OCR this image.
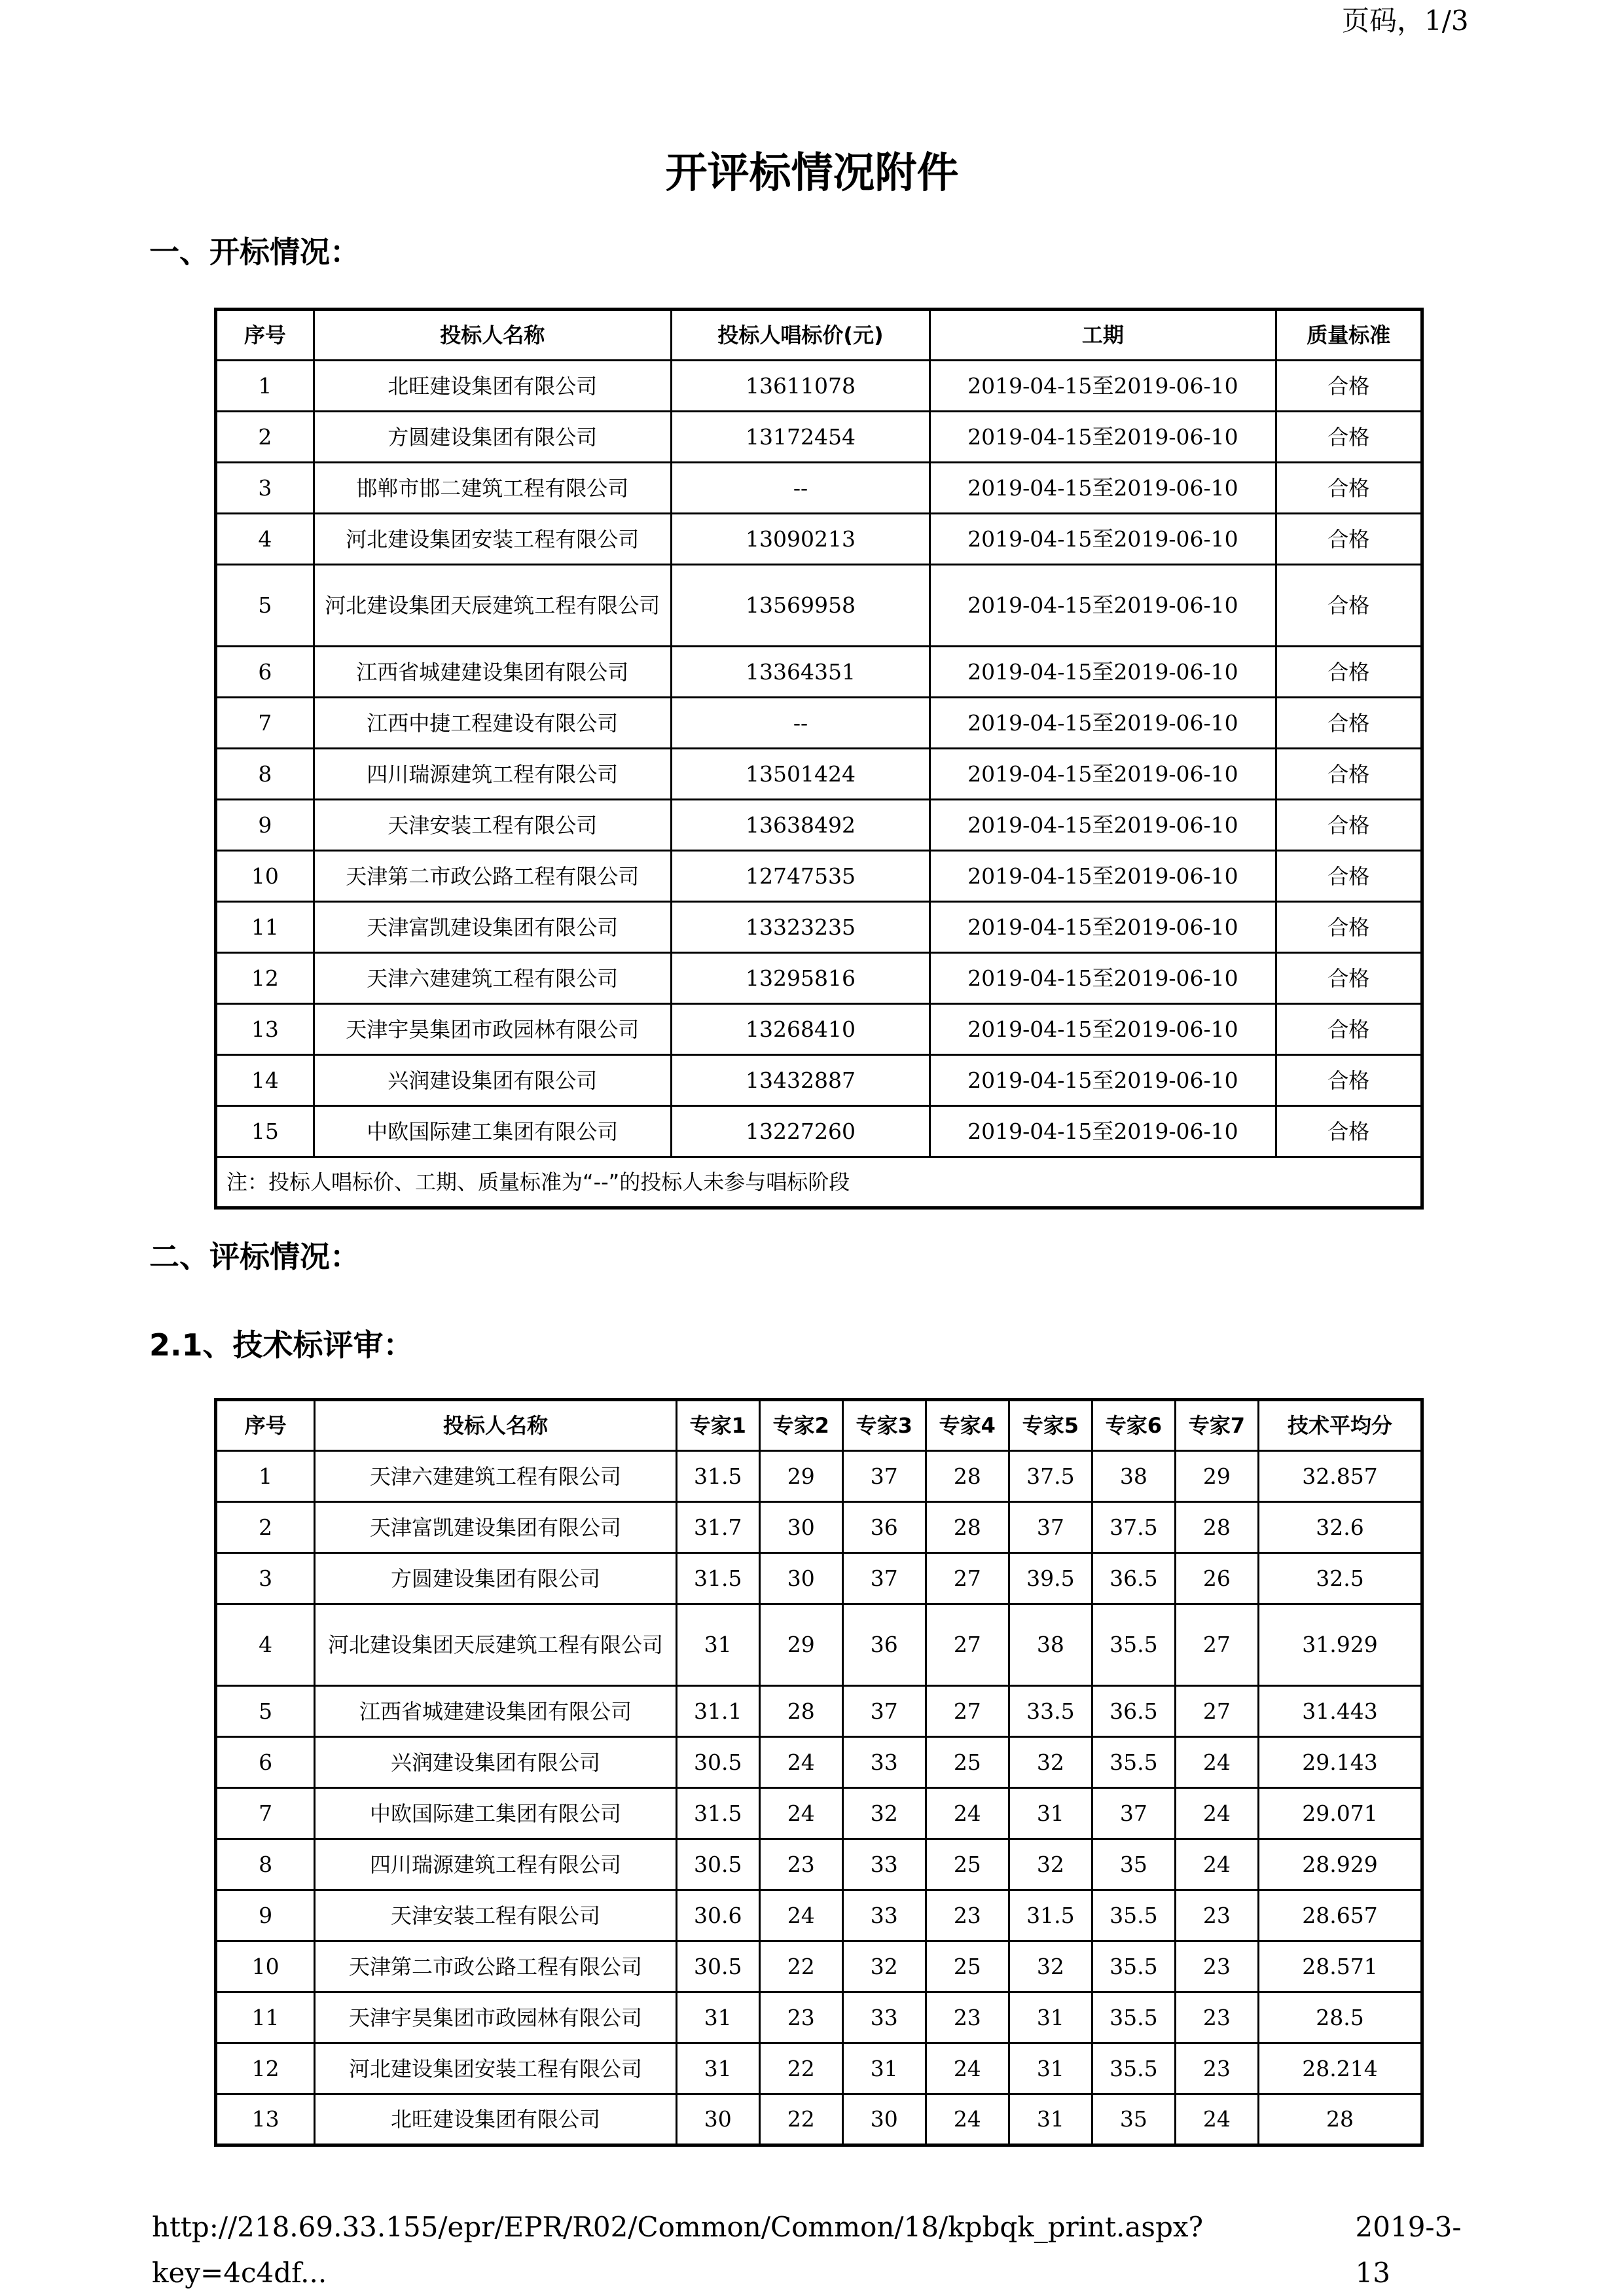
页码，1/3
开评标情况附件
一、开标情况：
序号	投标人名称	投标人唱标价(元)	工期	质量标准
1	北旺建设集团有限公司	13611078	2019-04-15至2019-06-10	合格
2	方圆建设集团有限公司	13172454	2019-04-15至2019-06-10	合格
3	邯郸市邯二建筑工程有限公司	--	2019-04-15至2019-06-10	合格
4	河北建设集团安装工程有限公司	13090213	2019-04-15至2019-06-10	合格
5	河北建设集团天辰建筑工程有限公司	13569958	2019-04-15至2019-06-10	合格
6	江西省城建建设集团有限公司	13364351	2019-04-15至2019-06-10	合格
7	江西中捷工程建设有限公司	--	2019-04-15至2019-06-10	合格
8	四川瑞源建筑工程有限公司	13501424	2019-04-15至2019-06-10	合格
9	天津安装工程有限公司	13638492	2019-04-15至2019-06-10	合格
10	天津第二市政公路工程有限公司	12747535	2019-04-15至2019-06-10	合格
11	天津富凯建设集团有限公司	13323235	2019-04-15至2019-06-10	合格
12	天津六建建筑工程有限公司	13295816	2019-04-15至2019-06-10	合格
13	天津宇昊集团市政园林有限公司	13268410	2019-04-15至2019-06-10	合格
14	兴润建设集团有限公司	13432887	2019-04-15至2019-06-10	合格
15	中欧国际建工集团有限公司	13227260	2019-04-15至2019-06-10	合格
注：投标人唱标价、工期、质量标准为“--”的投标人未参与唱标阶段				
二、评标情况：
2.1、技术标评审：
序号	投标人名称	专家1	专家2	专家3	专家4	专家5	专家6	专家7	技术平均分
1	天津六建建筑工程有限公司	31.5	29	37	28	37.5	38	29	32.857
2	天津富凯建设集团有限公司	31.7	30	36	28	37	37.5	28	32.6
3	方圆建设集团有限公司	31.5	30	37	27	39.5	36.5	26	32.5
4	河北建设集团天辰建筑工程有限公司	31	29	36	27	38	35.5	27	31.929
5	江西省城建建设集团有限公司	31.1	28	37	27	33.5	36.5	27	31.443
6	兴润建设集团有限公司	30.5	24	33	25	32	35.5	24	29.143
7	中欧国际建工集团有限公司	31.5	24	32	24	31	37	24	29.071
8	四川瑞源建筑工程有限公司	30.5	23	33	25	32	35	24	28.929
9	天津安装工程有限公司	30.6	24	33	23	31.5	35.5	23	28.657
10	天津第二市政公路工程有限公司	30.5	22	32	25	32	35.5	23	28.571
11	天津宇昊集团市政园林有限公司	31	23	33	23	31	35.5	23	28.5
12	河北建设集团安装工程有限公司	31	22	31	24	31	35.5	23	28.214
13	北旺建设集团有限公司	30	22	30	24	31	35	24	28
http://218.69.33.155/epr/EPR/R02/Common/Common/18/kpbqk_print.aspx?key=4c4df...
2019-3-13
